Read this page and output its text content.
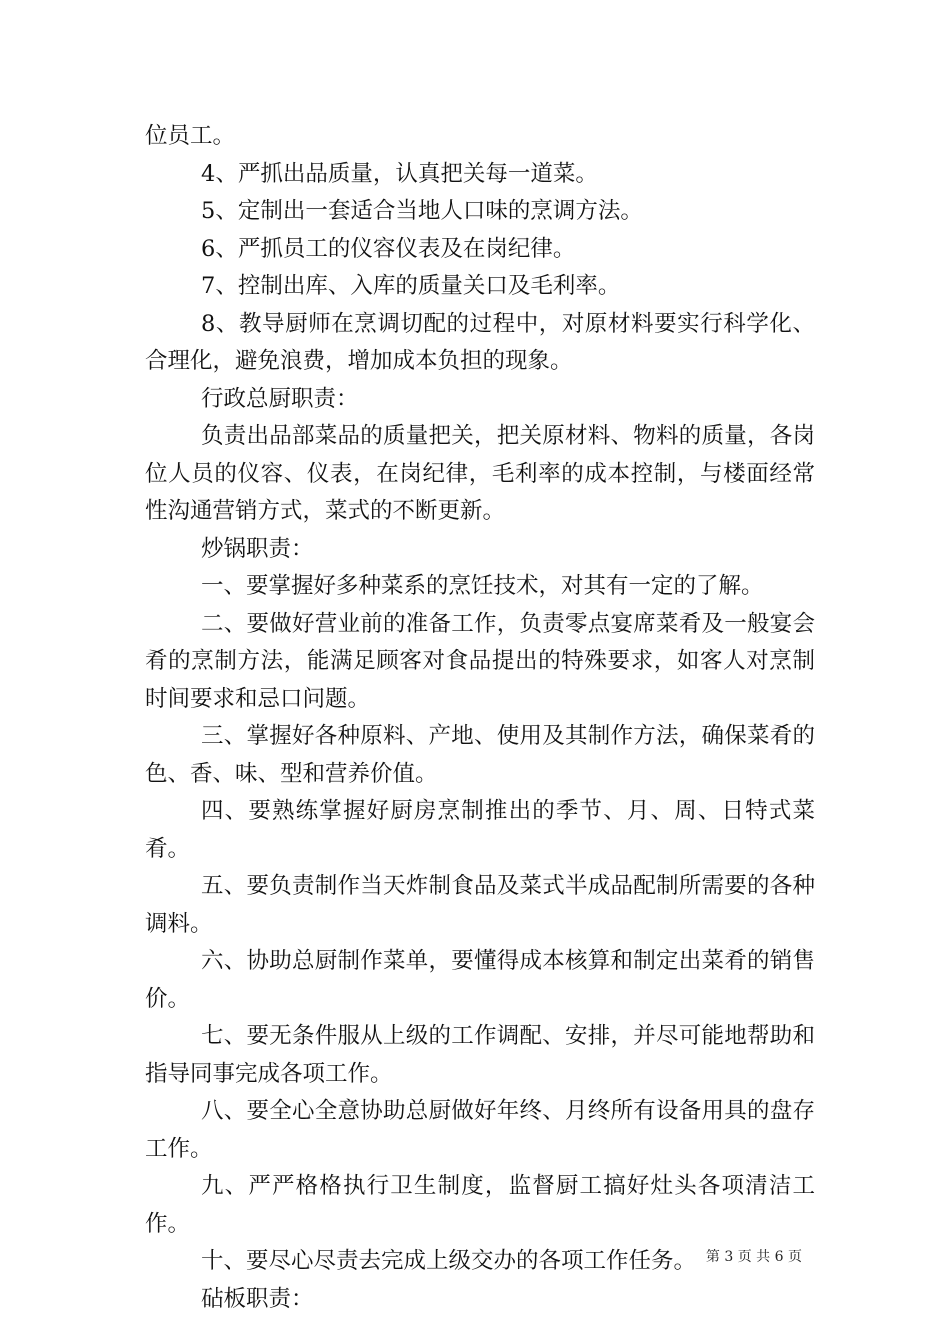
位员工。

4、严抓出品质量，认真把关每一道菜。

5、定制出一套适合当地人口味的烹调方法。

6、严抓员工的仪容仪表及在岗纪律。

7、控制出库、入库的质量关口及毛利率。

8、教导厨师在烹调切配的过程中，对原材料要实行科学化、合理化，避免浪费，增加成本负担的现象。

行政总厨职责：

负责出品部菜品的质量把关，把关原材料、物料的质量，各岗位人员的仪容、仪表，在岗纪律，毛利率的成本控制，与楼面经常性沟通营销方式，菜式的不断更新。

炒锅职责：

一、要掌握好多种菜系的烹饪技术，对其有一定的了解。

二、要做好营业前的准备工作，负责零点宴席菜肴及一般宴会肴的烹制方法，能满足顾客对食品提出的特殊要求，如客人对烹制时间要求和忌口问题。

三、掌握好各种原料、产地、使用及其制作方法，确保菜肴的色、香、味、型和营养价值。

四、要熟练掌握好厨房烹制推出的季节、月、周、日特式菜肴。

五、要负责制作当天炸制食品及菜式半成品配制所需要的各种调料。

六、协助总厨制作菜单，要懂得成本核算和制定出菜肴的销售价。

七、要无条件服从上级的工作调配、安排，并尽可能地帮助和指导同事完成各项工作。

八、要全心全意协助总厨做好年终、月终所有设备用具的盘存工作。

九、严严格格执行卫生制度，监督厨工搞好灶头各项清洁工作。

十、要尽心尽责去完成上级交办的各项工作任务。

砧板职责：

第 3 页 共 6 页
